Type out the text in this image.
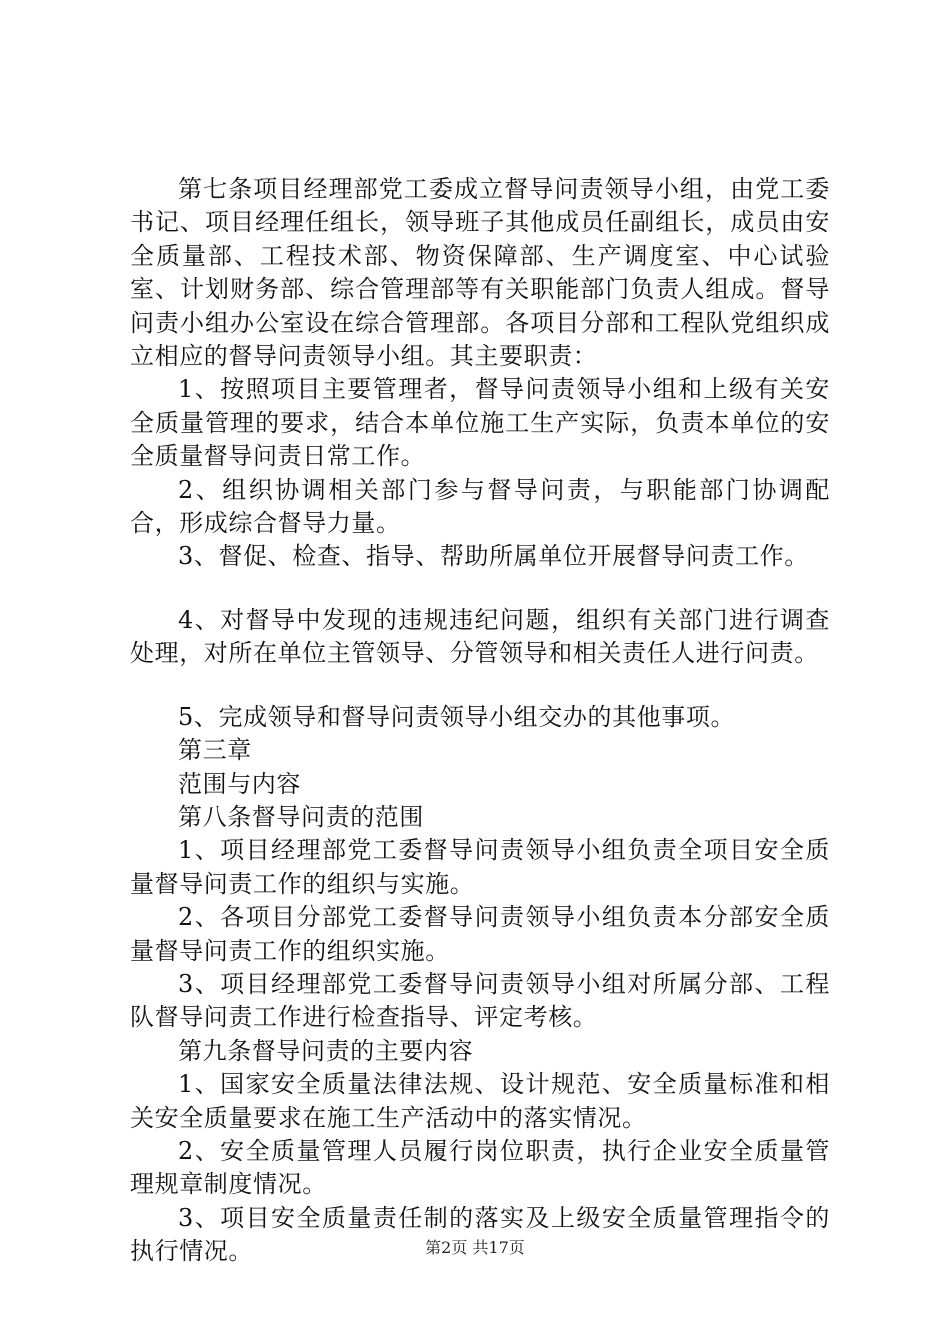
第七条项目经理部党工委成立督导问责领导小组，由党工委书记、项目经理任组长，领导班子其他成员任副组长，成员由安全质量部、工程技术部、物资保障部、生产调度室、中心试验室、计划财务部、综合管理部等有关职能部门负责人组成。督导问责小组办公室设在综合管理部。各项目分部和工程队党组织成立相应的督导问责领导小组。其主要职责：

1、按照项目主要管理者，督导问责领导小组和上级有关安全质量管理的要求，结合本单位施工生产实际，负责本单位的安全质量督导问责日常工作。

2、组织协调相关部门参与督导问责，与职能部门协调配合，形成综合督导力量。

3、督促、检查、指导、帮助所属单位开展督导问责工作。

4、对督导中发现的违规违纪问题，组织有关部门进行调查处理，对所在单位主管领导、分管领导和相关责任人进行问责。

5、完成领导和督导问责领导小组交办的其他事项。

第三章

范围与内容

第八条督导问责的范围

1、项目经理部党工委督导问责领导小组负责全项目安全质量督导问责工作的组织与实施。

2、各项目分部党工委督导问责领导小组负责本分部安全质量督导问责工作的组织实施。

3、项目经理部党工委督导问责领导小组对所属分部、工程队督导问责工作进行检查指导、评定考核。

第九条督导问责的主要内容

1、国家安全质量法律法规、设计规范、安全质量标准和相关安全质量要求在施工生产活动中的落实情况。

2、安全质量管理人员履行岗位职责，执行企业安全质量管理规章制度情况。

3、项目安全质量责任制的落实及上级安全质量管理指令的执行情况。	第2页 共17页
